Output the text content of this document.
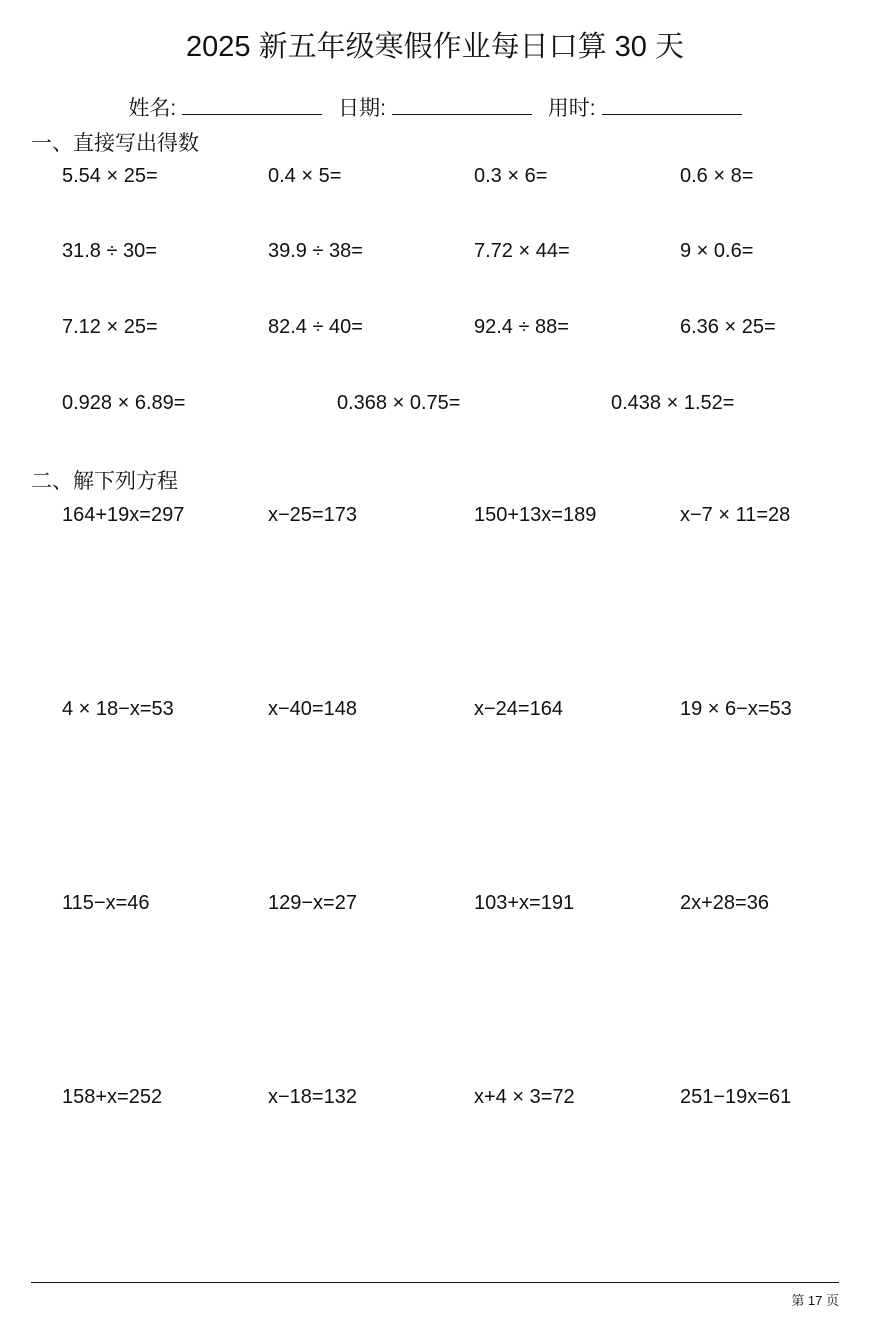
2025 新五年级寒假作业每日口算 30 天
姓名:	日期:	用时:
一、直接写出得数
5.54 × 25=	0.4 × 5=	0.3 × 6=	0.6 × 8=
31.8 ÷ 30=	39.9 ÷ 38=	7.72 × 44=	9 × 0.6=
7.12 × 25=	82.4 ÷ 40=	92.4 ÷ 88=	6.36 × 25=
0.928 × 6.89=	0.368 × 0.75=	0.438 × 1.52=
二、解下列方程
164+19x=297	x−25=173	150+13x=189	x−7 × 11=28
4 × 18−x=53	x−40=148	x−24=164	19 × 6−x=53
115−x=46	129−x=27	103+x=191	2x+28=36
158+x=252	x−18=132	x+4 × 3=72	251−19x=61
第 17 页
